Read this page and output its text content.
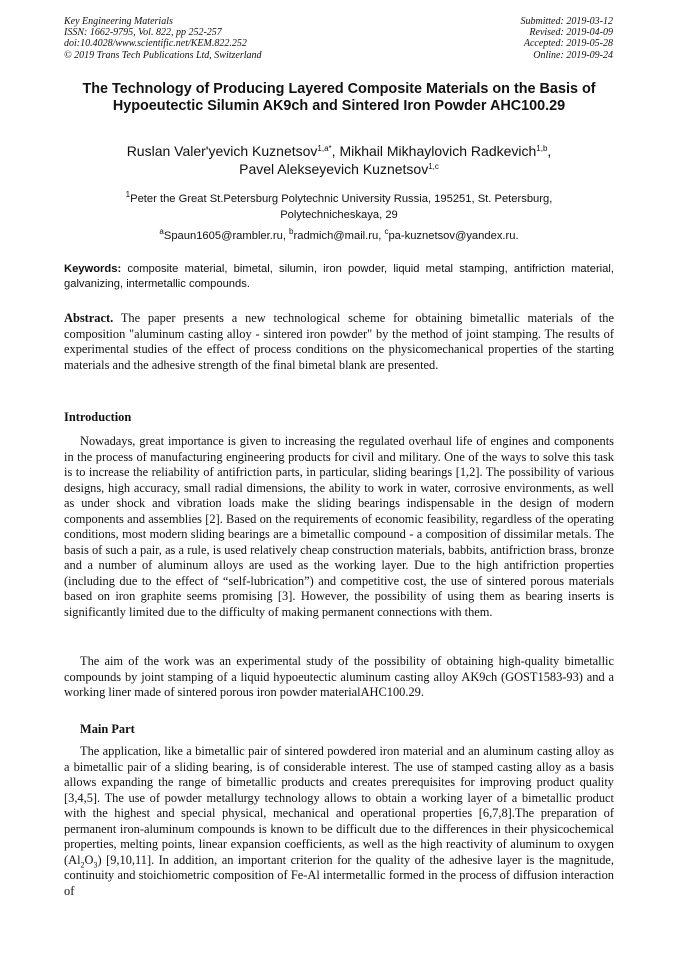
Key Engineering Materials
ISSN: 1662-9795, Vol. 822, pp 252-257
doi:10.4028/www.scientific.net/KEM.822.252
© 2019 Trans Tech Publications Ltd, Switzerland
Submitted: 2019-03-12
Revised: 2019-04-09
Accepted: 2019-05-28
Online: 2019-09-24
The Technology of Producing Layered Composite Materials on the Basis of Hypoeutectic Silumin AK9ch and Sintered Iron Powder AHC100.29
Ruslan Valer'yevich Kuznetsov$^{1,a*}$, Mikhail Mikhaylovich Radkevich$^{1,b}$,
Pavel Alekseyevich Kuznetsov$^{1,c}$
$^1$Peter the Great St.Petersburg Polytechnic University Russia, 195251, St. Petersburg, Polytechnicheskaya, 29
$^a$Spaun1605@rambler.ru, $^b$radmich@mail.ru, $^c$pa-kuznetsov@yandex.ru.
Keywords: composite material, bimetal, silumin, iron powder, liquid metal stamping, antifriction material, galvanizing, intermetallic compounds.
Abstract. The paper presents a new technological scheme for obtaining bimetallic materials of the composition "aluminum casting alloy - sintered iron powder" by the method of joint stamping. The results of experimental studies of the effect of process conditions on the physicomechanical properties of the starting materials and the adhesive strength of the final bimetal blank are presented.
Introduction
Nowadays, great importance is given to increasing the regulated overhaul life of engines and components in the process of manufacturing engineering products for civil and military. One of the ways to solve this task is to increase the reliability of antifriction parts, in particular, sliding bearings [1,2]. The possibility of various designs, high accuracy, small radial dimensions, the ability to work in water, corrosive environments, as well as under shock and vibration loads make the sliding bearings indispensable in the design of modern components and assemblies [2]. Based on the requirements of economic feasibility, regardless of the operating conditions, most modern sliding bearings are a bimetallic compound - a composition of dissimilar metals. The basis of such a pair, as a rule, is used relatively cheap construction materials, babbits, antifriction brass, bronze and a number of aluminum alloys are used as the working layer. Due to the high antifriction properties (including due to the effect of “self-lubrication”) and competitive cost, the use of sintered porous materials based on iron graphite seems promising [3]. However, the possibility of using them as bearing inserts is significantly limited due to the difficulty of making permanent connections with them.
The aim of the work was an experimental study of the possibility of obtaining high-quality bimetallic compounds by joint stamping of a liquid hypoeutectic aluminum casting alloy AK9ch (GOST1583-93) and a working liner made of sintered porous iron powder materialAHC100.29.
Main Part
The application, like a bimetallic pair of sintered powdered iron material and an aluminum casting alloy as a bimetallic pair of a sliding bearing, is of considerable interest. The use of stamped casting alloy as a basis allows expanding the range of bimetallic products and creates prerequisites for improving product quality [3,4,5]. The use of powder metallurgy technology allows to obtain a working layer of a bimetallic product with the highest and special physical, mechanical and operational properties [6,7,8].The preparation of permanent iron-aluminum compounds is known to be difficult due to the differences in their physicochemical properties, melting points, linear expansion coefficients, as well as the high reactivity of aluminum to oxygen $(Al_2O_3)$ [9,10,11]. In addition, an important criterion for the quality of the adhesive layer is the magnitude, continuity and stoichiometric composition of Fe-Al intermetallic formed in the process of diffusion interaction of
